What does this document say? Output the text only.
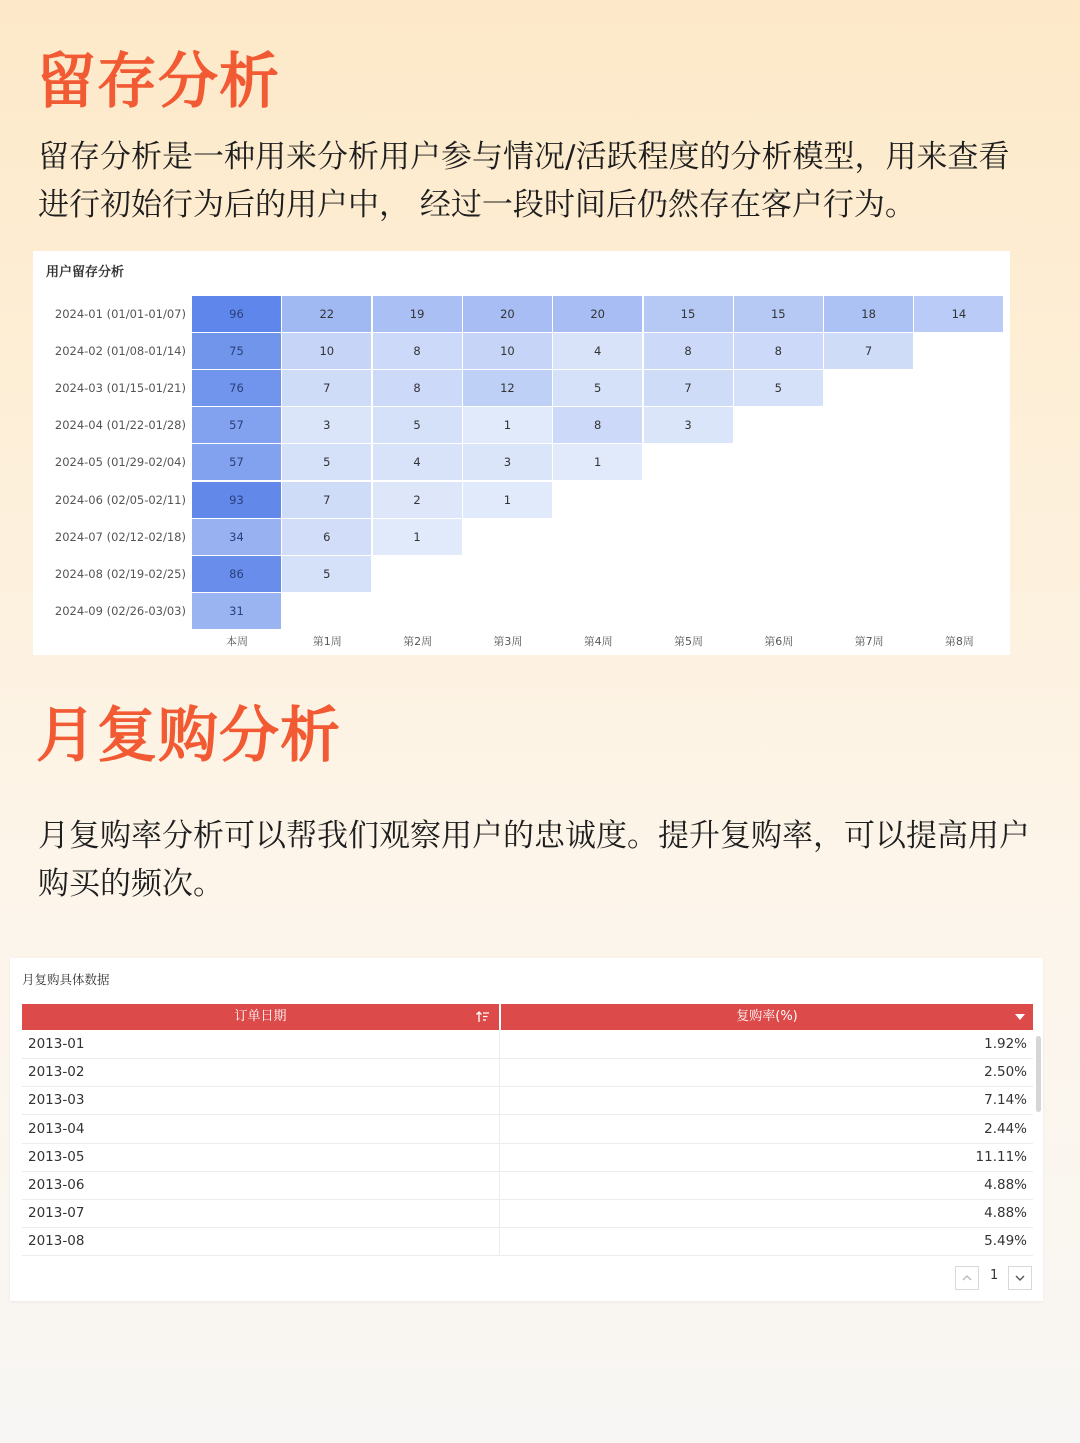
留存分析

留存分析是一种用来分析用户参与情况/活跃程度的分析模型，用来查看进行初始行为后的用户中， 经过一段时间后仍然存在客户行为。

用户留存分析
2024-01 (01/01-01/07)	96	22	19	20	20	15	15	18	14
2024-02 (01/08-01/14)	75	10	8	10	4	8	8	7
2024-03 (01/15-01/21)	76	7	8	12	5	7	5
2024-04 (01/22-01/28)	57	3	5	1	8	3
2024-05 (01/29-02/04)	57	5	4	3	1
2024-06 (02/05-02/11)	93	7	2	1
2024-07 (02/12-02/18)	34	6	1
2024-08 (02/19-02/25)	86	5
2024-09 (02/26-03/03)	31
本周	第1周	第2周	第3周	第4周	第5周	第6周	第7周	第8周
月复购分析

月复购率分析可以帮我们观察用户的忠诚度。提升复购率，可以提高用户购买的频次。

月复购具体数据
订单日期	复购率(%)
2013-01	1.92%
2013-02	2.50%
2013-03	7.14%
2013-04	2.44%
2013-05	11.11%
2013-06	4.88%
2013-07	4.88%
2013-08	5.49%
1
